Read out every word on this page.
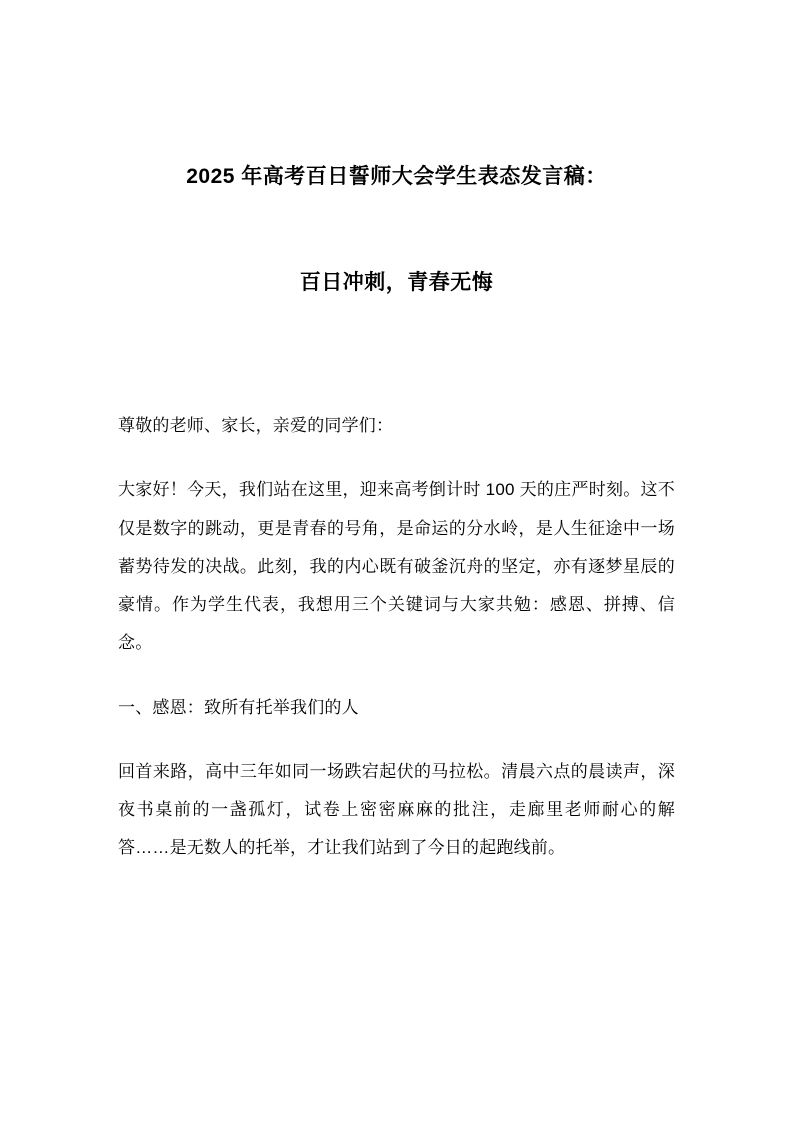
2025 年高考百日誓师大会学生表态发言稿：
百日冲刺，青春无悔

尊敬的老师、家长，亲爱的同学们：

大家好！今天，我们站在这里，迎来高考倒计时 100 天的庄严时刻。这不仅是数字的跳动，更是青春的号角，是命运的分水岭，是人生征途中一场蓄势待发的决战。此刻，我的内心既有破釜沉舟的坚定，亦有逐梦星辰的豪情。作为学生代表，我想用三个关键词与大家共勉：感恩、拼搏、信念。

一、感恩：致所有托举我们的人

回首来路，高中三年如同一场跌宕起伏的马拉松。清晨六点的晨读声，深夜书桌前的一盏孤灯，试卷上密密麻麻的批注，走廊里老师耐心的解答……是无数人的托举，才让我们站到了今日的起跑线前。
